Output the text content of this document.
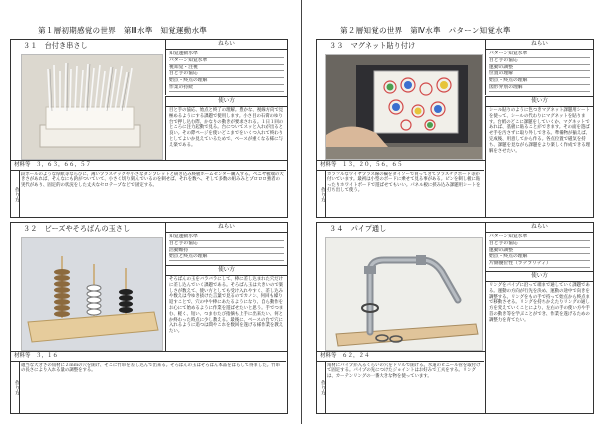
第１層初期感覚の世界　第Ⅲ水準　知覚運動水準
３１　台付き串さし	ねらい
知覚運動水準
パターン知覚水準
視知覚・注視
目と手の協応
始点・終点の理解
作業の持続
使い方
目と手の協応、始点と終了の理解。豊かな、視線方向で見極めるようにする課題で使用します。小さ目の石膏のゆり台で押し込む際、かなりの動きが要求される。１日１回のところに注力起動で見る。台についてスッと入れが出ると良い。その際ページを使いどこまでをいくつ入れて終わりとしてよいか見えているためで、ベースが重くなる様に与え楽である。
材料等　３，６３，６６，５７
作り方
段ボールのような厚紙等ならびに、薄いプラスチックや小さなダンプレットと研ぎ込み終板ホームセンター購入する。ベニヤ板端の大きさがあれば、そんなにも釣がついていて、小さく切り刻んでいるのを刺せば、それを数へ、そして多数の組みみとプロロロ強者の実代があり、固定的の状況をした丈夫なセロテープなどで固定する。
３２　ビーズやそろばんの玉さし	ねらい
知覚運動水準
目と手の協応
活動維持
始点と終点の理解
使い方
そろばんの玉をバラバラにして、棒に差し込まれた穴だけに差し込んでいく課題である。そろばん玉は大きいので楽しさが数えて、使い方としても受け入れやすく、差し込みや数えは今ゆき抜けた言葉で見るのでカノン、何回も繰り返すことで、穴の中や棒にあたるようになり、自ら動作をお心にて始めるように作業を遊ばせたいと思う。手でつまむ、軽く、短い、つまむたび指摘も上手に出来たい、何とか終わった時点に少し教える。最後に、ベースの台で穴に入れるように追つは間やこれを数回を遂げる様作業を教えたい。
材料等　３，１６
作り方
適当な大きさの角材に２ｍｍの穴を開け、そこに竹串を差し込んで出来る。そろばんの玉はそろばん本品をばらして得ました。竹串の長さにより入れる量の調整をする。
第２層知覚の世界　第Ⅳ水準　パターン知覚水準
３３　マグネット貼り付け	ねらい
パターン知覚水準
目と手の協応
運動の調整
位置の理解
始点・終点の理解
図形弁別の理解
使い方
シール貼りのように色つきマグネット課題用シートを使って、シールの代わりにマグネットを貼ります。台紙のどこに課題をしていくか、マグネットであれば、基板に貼ることができます。その面を遊ばせ手を汚さずに取り外しできる。準備物が揃えば、完成後、用意してから作る。各点位置で磁気を持ち、課題を見ながら課題をより楽しく作成できる理解をさせたい。
材料等　１３，２０，５６，６５
作り方
カラフルなワイヤプラス線の輪をダイソーで買ってきてプラスチクボード等が付いています。最初は小型のボードに乗せて見る事がある。ピンを刺し板に貼ったりホワイトボードで遊ばせてもいい。パネル板に挟み込み課題用シートを打ち出して使う。
３４　パイプ通し	ねらい
パターン知覚水準
目と手の協応
運動の調整
始点・終点の理解
片側優位性（ラテラリティ）
使い方
リングをパイプに沿って端まで通していく課題である。運動の方向が行先を決め、運動の途中で向きを調整する。リングをもの手で持って始点から終点まで移動させる。リングを持ちかえたりリングの通し方を変えていくことにより、左右の手の使い方や手首の動き等を学ぶことができ、作業を遂げるための調整力を育てたい。
材料等　６２，２４
作り方
角材にパイプが入るくらいの穴をドリルで開ける。水道のビニール管を取付けて固定する。パイプの先につけたジョイントはお好みで工夫をする。リングは、カーテンリングの一番大きな物を使っています。
